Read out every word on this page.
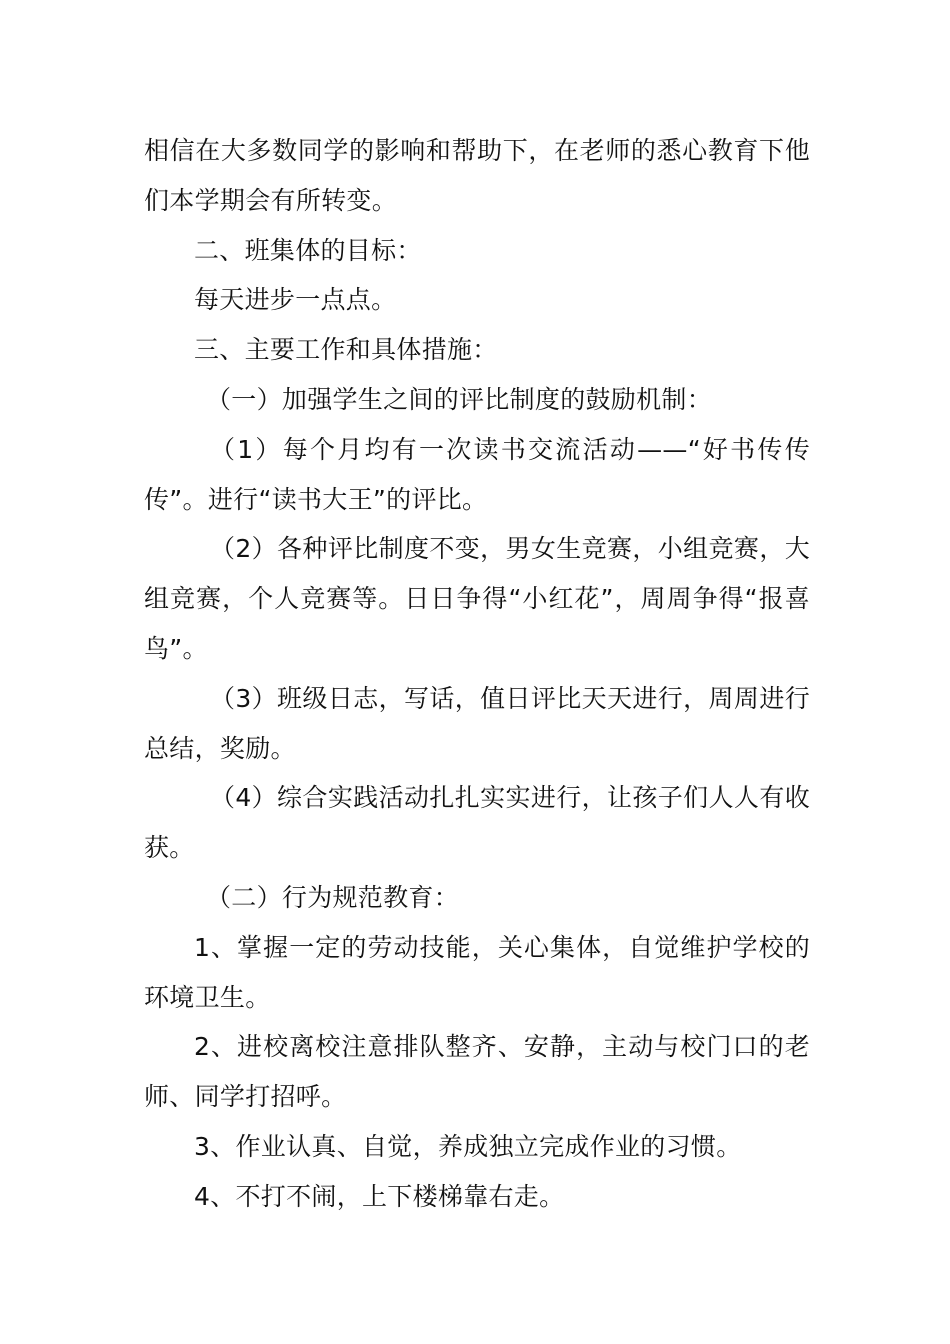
相信在大多数同学的影响和帮助下，在老师的悉心教育下他们本学期会有所转变。

二、班集体的目标：

每天进步一点点。

三、主要工作和具体措施：

（一）加强学生之间的评比制度的鼓励机制：

（1）每个月均有一次读书交流活动——“好书传传传”。进行“读书大王”的评比。

（2）各种评比制度不变，男女生竞赛，小组竞赛，大组竞赛，个人竞赛等。日日争得“小红花”，周周争得“报喜鸟”。

（3）班级日志，写话，值日评比天天进行，周周进行总结，奖励。

（4）综合实践活动扎扎实实进行，让孩子们人人有收获。

（二）行为规范教育：

1、掌握一定的劳动技能，关心集体，自觉维护学校的环境卫生。

2、进校离校注意排队整齐、安静，主动与校门口的老师、同学打招呼。

3、作业认真、自觉，养成独立完成作业的习惯。

4、不打不闹，上下楼梯靠右走。
